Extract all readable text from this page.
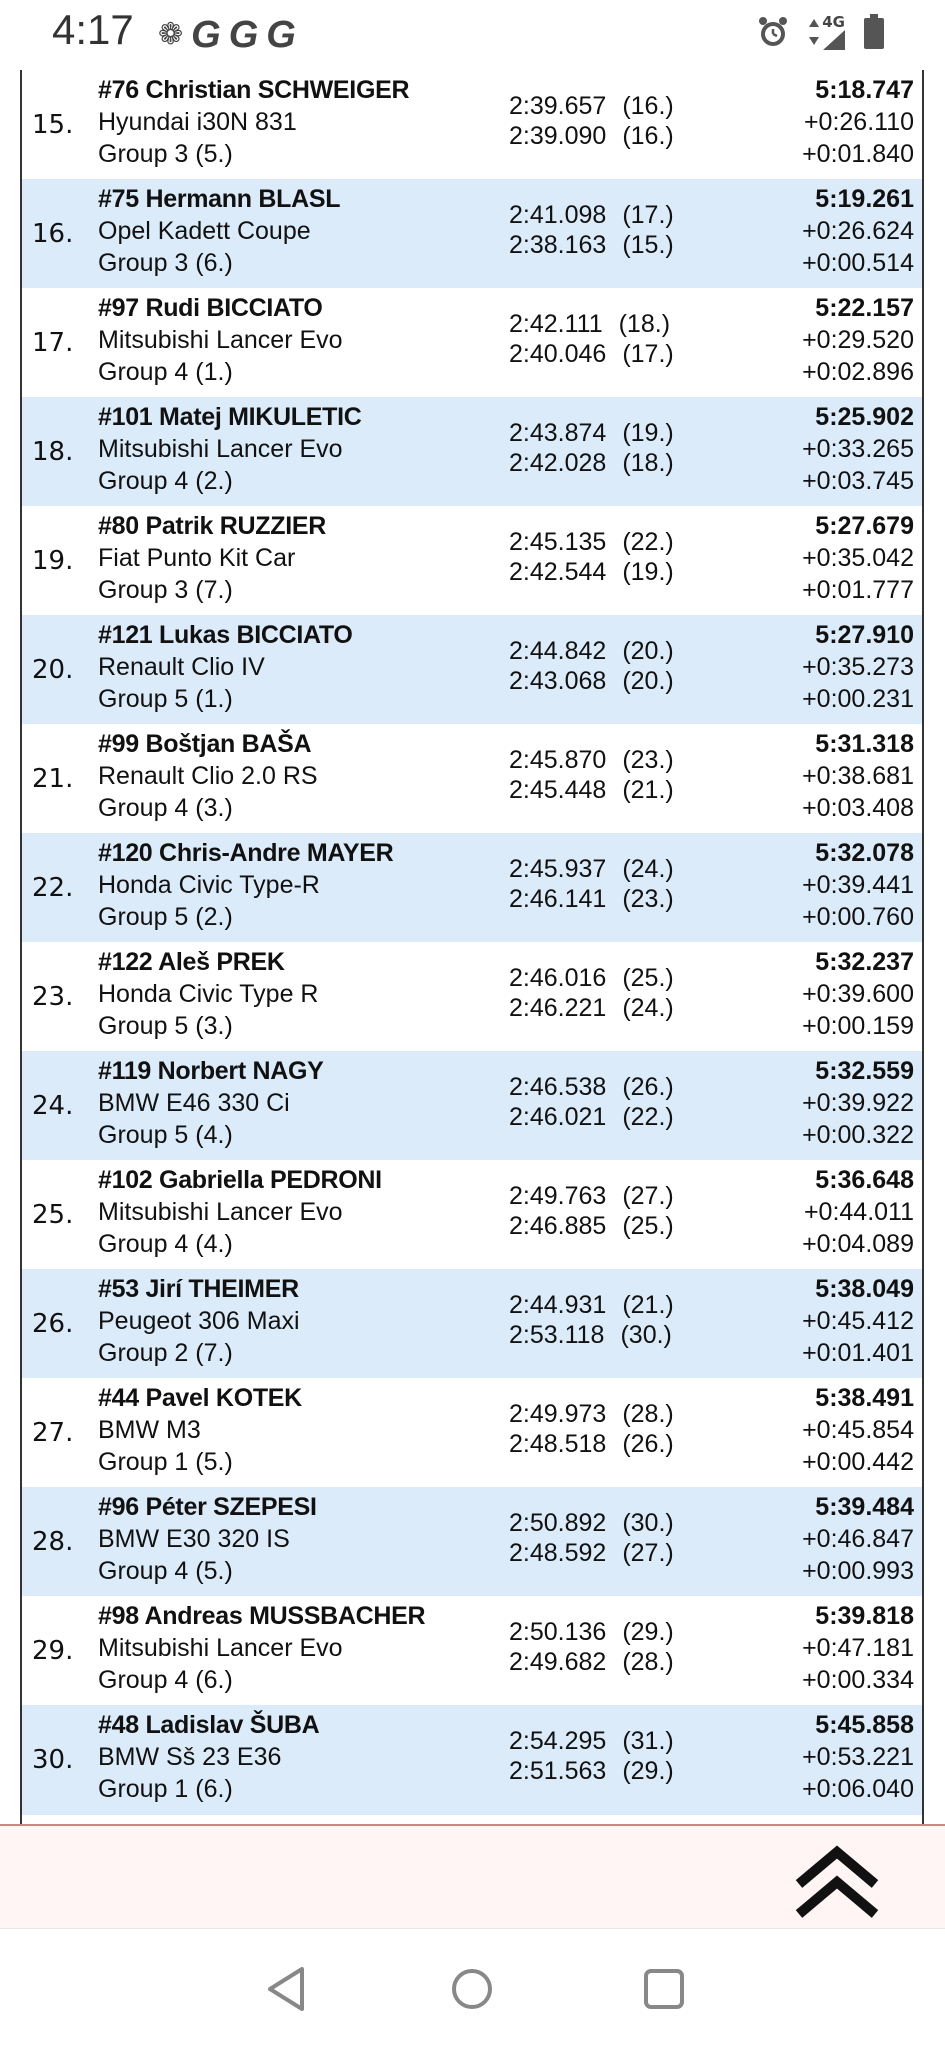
4:17 ❁ G G G	4G
R
15.
#76 Christian SCHWEIGER
Hyundai i30N 831
Group 3 (5.)
2:39.657 (16.)
2:39.090 (16.)
5:18.747
+0:26.110
+0:01.840
16.
#75 Hermann BLASL
Opel Kadett Coupe
Group 3 (6.)
2:41.098 (17.)
2:38.163 (15.)
5:19.261
+0:26.624
+0:00.514
17.
#97 Rudi BICCIATO
Mitsubishi Lancer Evo
Group 4 (1.)
2:42.111 (18.)
2:40.046 (17.)
5:22.157
+0:29.520
+0:02.896
18.
#101 Matej MIKULETIC
Mitsubishi Lancer Evo
Group 4 (2.)
2:43.874 (19.)
2:42.028 (18.)
5:25.902
+0:33.265
+0:03.745
19.
#80 Patrik RUZZIER
Fiat Punto Kit Car
Group 3 (7.)
2:45.135 (22.)
2:42.544 (19.)
5:27.679
+0:35.042
+0:01.777
20.
#121 Lukas BICCIATO
Renault Clio IV
Group 5 (1.)
2:44.842 (20.)
2:43.068 (20.)
5:27.910
+0:35.273
+0:00.231
21.
#99 Boštjan BAŠA
Renault Clio 2.0 RS
Group 4 (3.)
2:45.870 (23.)
2:45.448 (21.)
5:31.318
+0:38.681
+0:03.408
22.
#120 Chris-Andre MAYER
Honda Civic Type-R
Group 5 (2.)
2:45.937 (24.)
2:46.141 (23.)
5:32.078
+0:39.441
+0:00.760
23.
#122 Aleš PREK
Honda Civic Type R
Group 5 (3.)
2:46.016 (25.)
2:46.221 (24.)
5:32.237
+0:39.600
+0:00.159
24.
#119 Norbert NAGY
BMW E46 330 Ci
Group 5 (4.)
2:46.538 (26.)
2:46.021 (22.)
5:32.559
+0:39.922
+0:00.322
25.
#102 Gabriella PEDRONI
Mitsubishi Lancer Evo
Group 4 (4.)
2:49.763 (27.)
2:46.885 (25.)
5:36.648
+0:44.011
+0:04.089
26.
#53 Jirí THEIMER
Peugeot 306 Maxi
Group 2 (7.)
2:44.931 (21.)
2:53.118 (30.)
5:38.049
+0:45.412
+0:01.401
27.
#44 Pavel KOTEK
BMW M3
Group 1 (5.)
2:49.973 (28.)
2:48.518 (26.)
5:38.491
+0:45.854
+0:00.442
28.
#96 Péter SZEPESI
BMW E30 320 IS
Group 4 (5.)
2:50.892 (30.)
2:48.592 (27.)
5:39.484
+0:46.847
+0:00.993
29.
#98 Andreas MUSSBACHER
Mitsubishi Lancer Evo
Group 4 (6.)
2:50.136 (29.)
2:49.682 (28.)
5:39.818
+0:47.181
+0:00.334
30.
#48 Ladislav ŠUBA
BMW Sš 23 E36
Group 1 (6.)
2:54.295 (31.)
2:51.563 (29.)
5:45.858
+0:53.221
+0:06.040
